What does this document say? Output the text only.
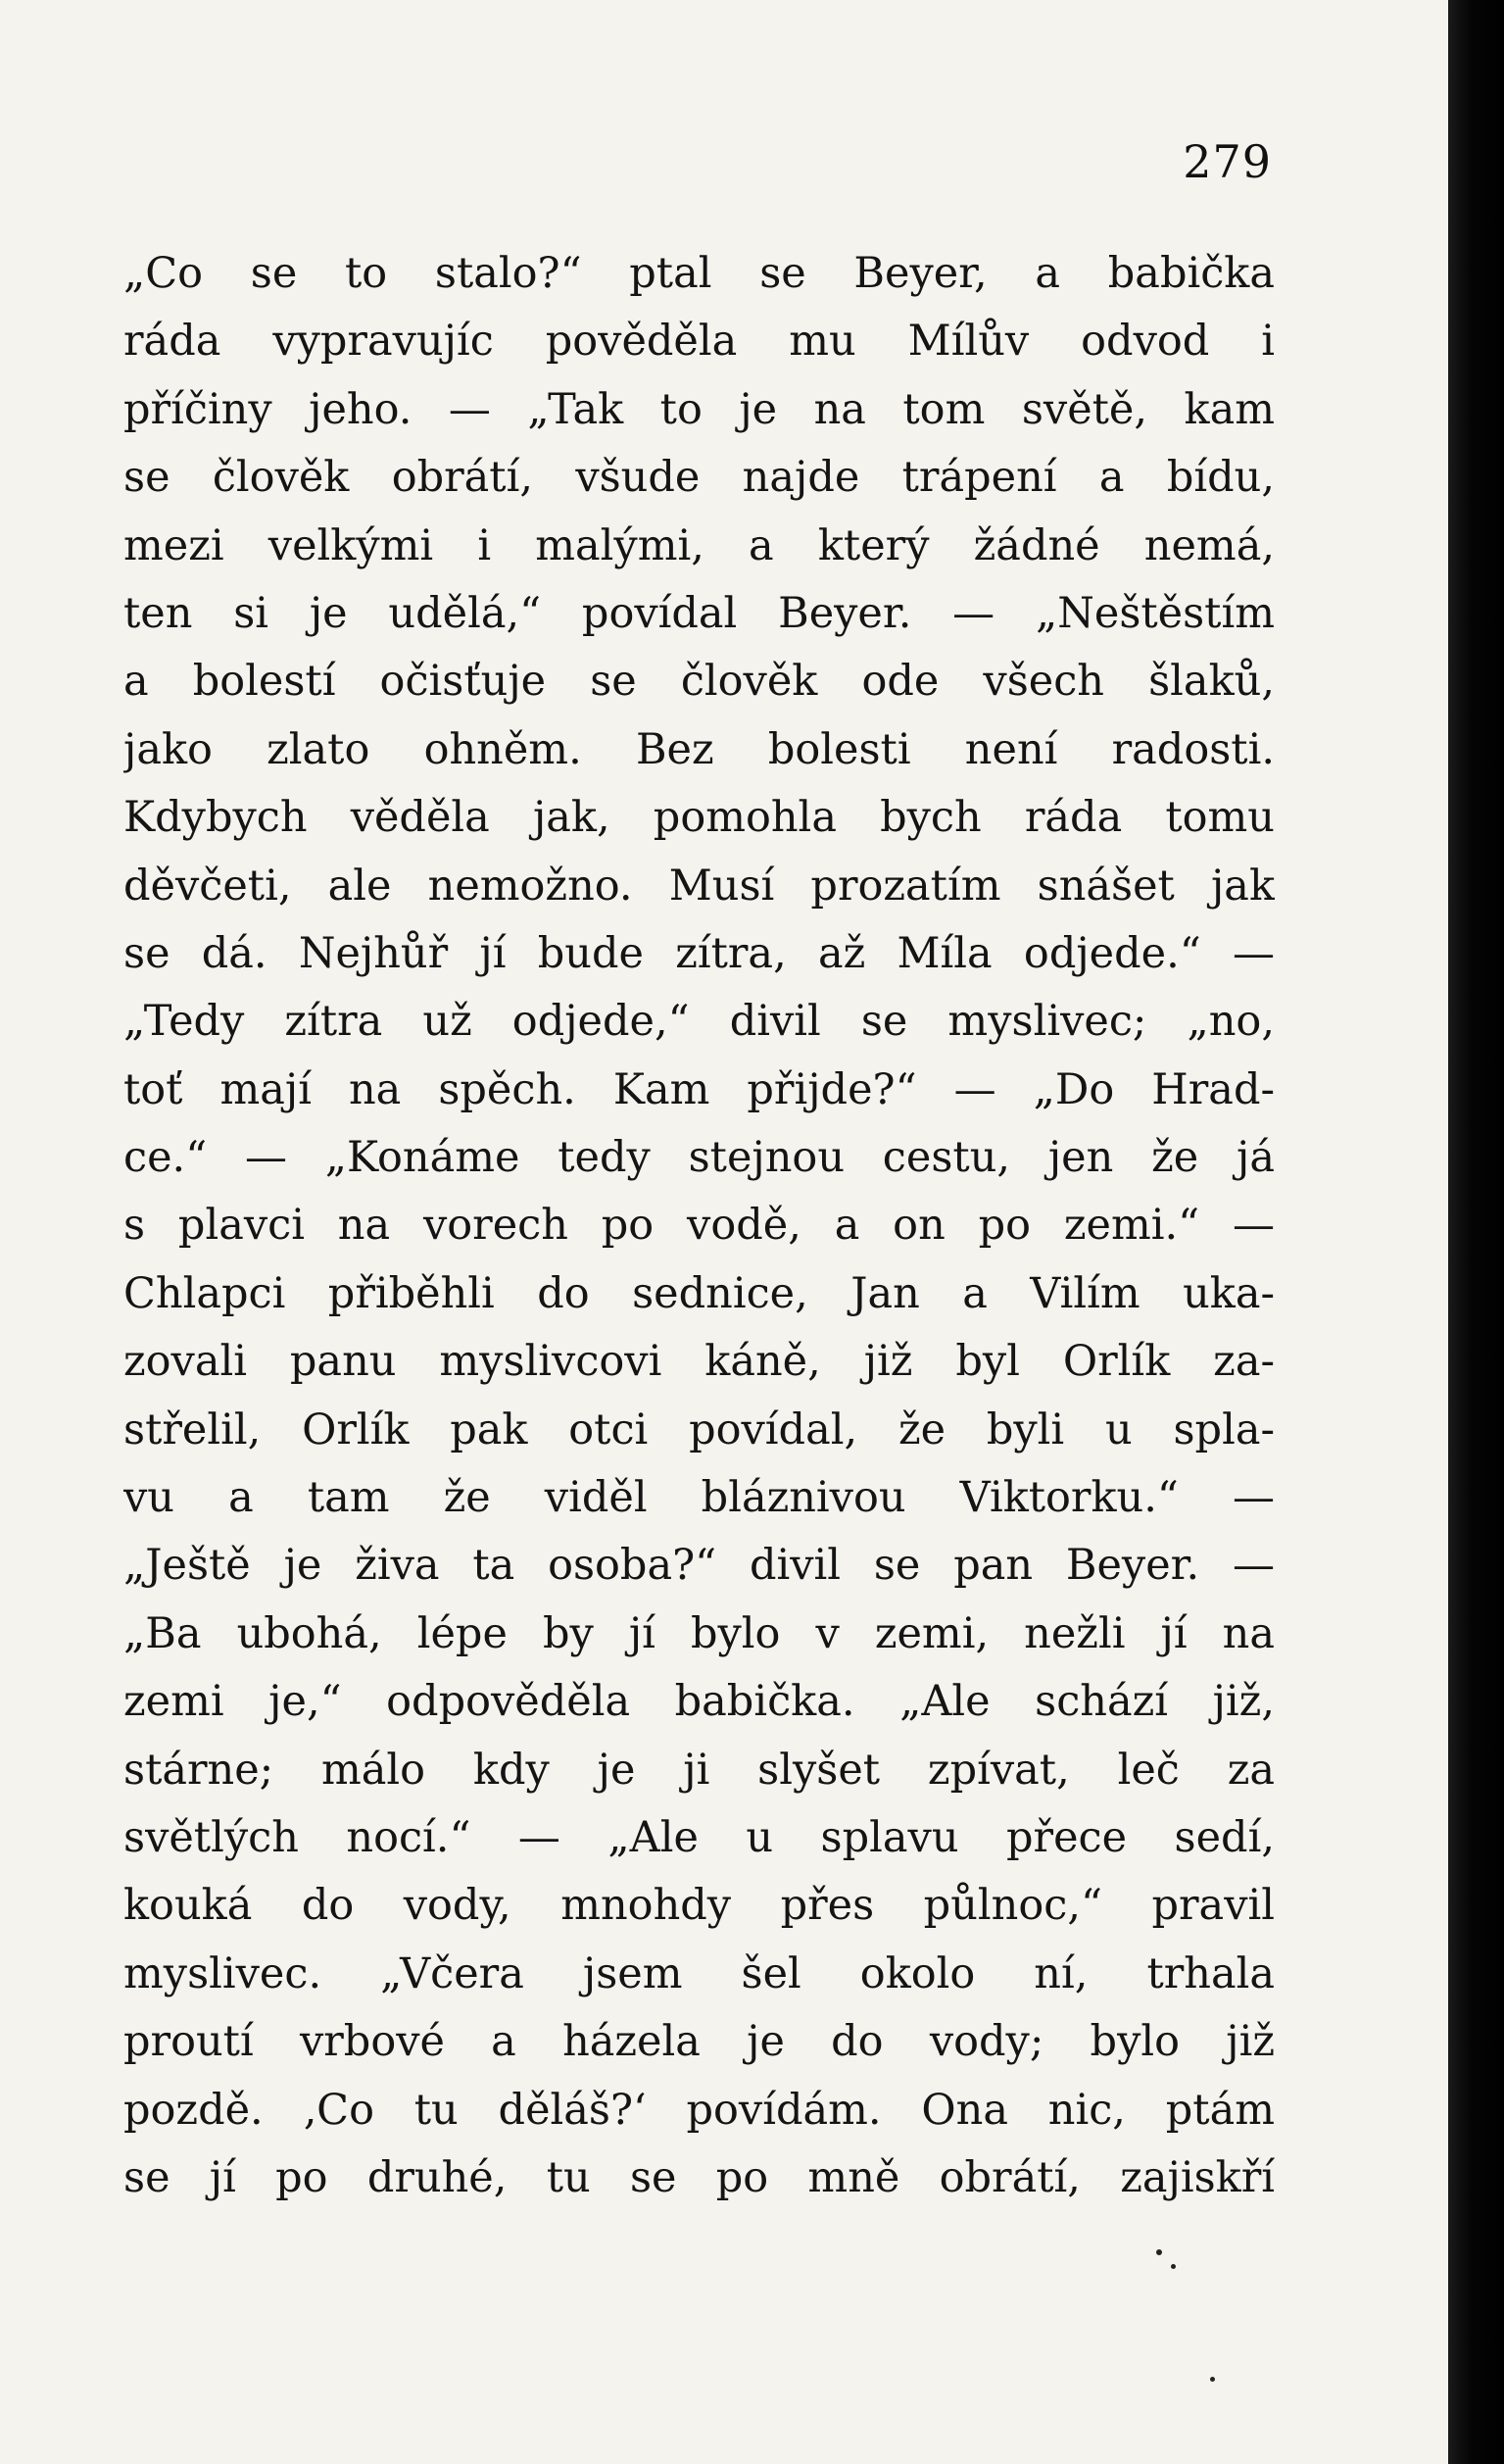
279
„Co se to stalo?“ ptal se Beyer, a babička
ráda vypravujíc pověděla mu Mílův odvod i
příčiny jeho. — „Tak to je na tom světě, kam
se člověk obrátí, všude najde trápení a bídu,
mezi velkými i malými, a který žádné nemá,
ten si je udělá,“ povídal Beyer. — „Neštěstím
a bolestí očisťuje se člověk ode všech šlaků,
jako zlato ohněm. Bez bolesti není radosti.
Kdybych věděla jak, pomohla bych ráda tomu
děvčeti, ale nemožno. Musí prozatím snášet jak
se dá. Nejhůř jí bude zítra, až Míla odjede.“ —
„Tedy zítra už odjede,“ divil se myslivec; „no,
toť mají na spěch. Kam přijde?“ — „Do Hrad-
ce.“ — „Konáme tedy stejnou cestu, jen že já
s plavci na vorech po vodě, a on po zemi.“ —
Chlapci přiběhli do sednice, Jan a Vilím uka-
zovali panu myslivcovi káně, již byl Orlík za-
střelil, Orlík pak otci povídal, že byli u spla-
vu a tam že viděl bláznivou Viktorku.“ —
„Ještě je živa ta osoba?“ divil se pan Beyer. —
„Ba ubohá, lépe by jí bylo v zemi, nežli jí na
zemi je,“ odpověděla babička. „Ale schází již,
stárne; málo kdy je ji slyšet zpívat, leč za
světlých nocí.“ — „Ale u splavu přece sedí,
kouká do vody, mnohdy přes půlnoc,“ pravil
myslivec. „Včera jsem šel okolo ní, trhala
proutí vrbové a házela je do vody; bylo již
pozdě. ‚Co tu děláš?‘ povídám. Ona nic, ptám
se jí po druhé, tu se po mně obrátí, zajiskří
